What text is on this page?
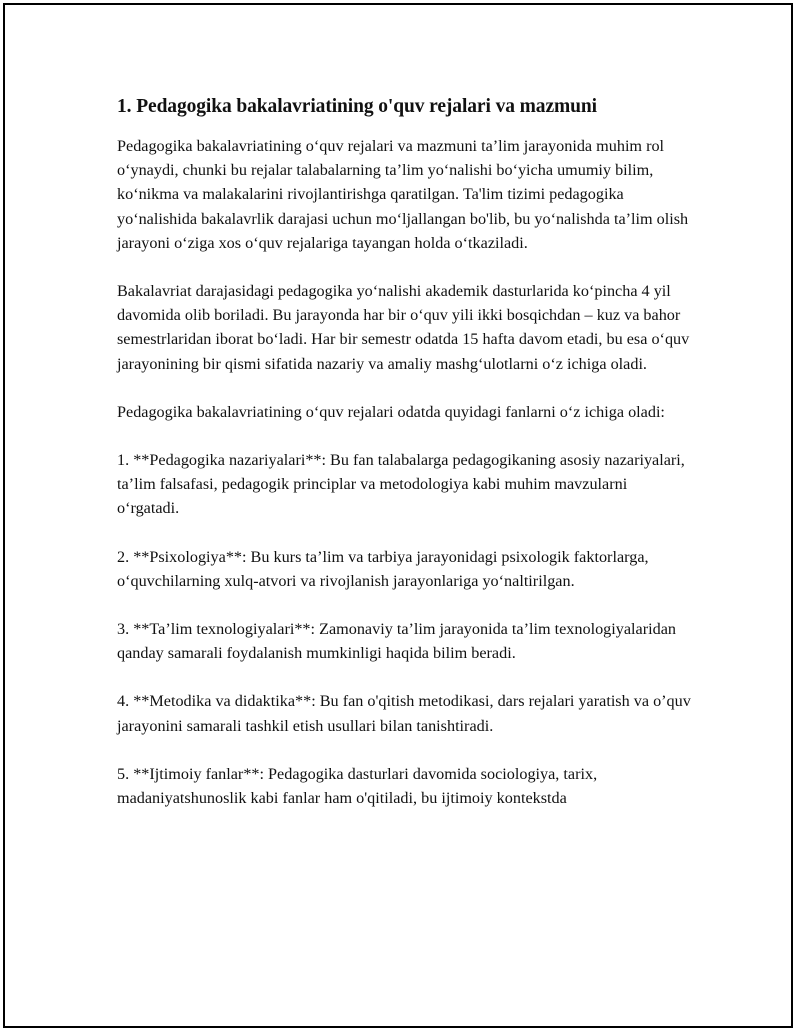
1. Pedagogika bakalavriatining o'quv rejalari va mazmuni

Pedagogika bakalavriatining o‘quv rejalari va mazmuni ta’lim jarayonida muhim rol o‘ynaydi, chunki bu rejalar talabalarning ta’lim yo‘nalishi bo‘yicha umumiy bilim, ko‘nikma va malakalarini rivojlantirishga qaratilgan. Ta'lim tizimi pedagogika yo‘nalishida bakalavrlik darajasi uchun mo‘ljallangan bo'lib, bu yo‘nalishda ta’lim olish jarayoni o‘ziga xos o‘quv rejalariga tayangan holda o‘tkaziladi.

Bakalavriat darajasidagi pedagogika yo‘nalishi akademik dasturlarida ko‘pincha 4 yil davomida olib boriladi. Bu jarayonda har bir o‘quv yili ikki bosqichdan – kuz va bahor semestrlaridan iborat bo‘ladi. Har bir semestr odatda 15 hafta davom etadi, bu esa o‘quv jarayonining bir qismi sifatida nazariy va amaliy mashg‘ulotlarni o‘z ichiga oladi.

Pedagogika bakalavriatining o‘quv rejalari odatda quyidagi fanlarni o‘z ichiga oladi:

1. **Pedagogika nazariyalari**: Bu fan talabalarga pedagogikaning asosiy nazariyalari, ta’lim falsafasi, pedagogik principlar va metodologiya kabi muhim mavzularni o‘rgatadi.

2. **Psixologiya**: Bu kurs ta’lim va tarbiya jarayonidagi psixologik faktorlarga, o‘quvchilarning xulq-atvori va rivojlanish jarayonlariga yo‘naltirilgan.

3. **Ta’lim texnologiyalari**: Zamonaviy ta’lim jarayonida ta’lim texnologiyalaridan qanday samarali foydalanish mumkinligi haqida bilim beradi.

4. **Metodika va didaktika**: Bu fan o'qitish metodikasi, dars rejalari yaratish va o’quv jarayonini samarali tashkil etish usullari bilan tanishtiradi.

5. **Ijtimoiy fanlar**: Pedagogika dasturlari davomida sociologiya, tarix, madaniyatshunoslik kabi fanlar ham o'qitiladi, bu ijtimoiy kontekstda
